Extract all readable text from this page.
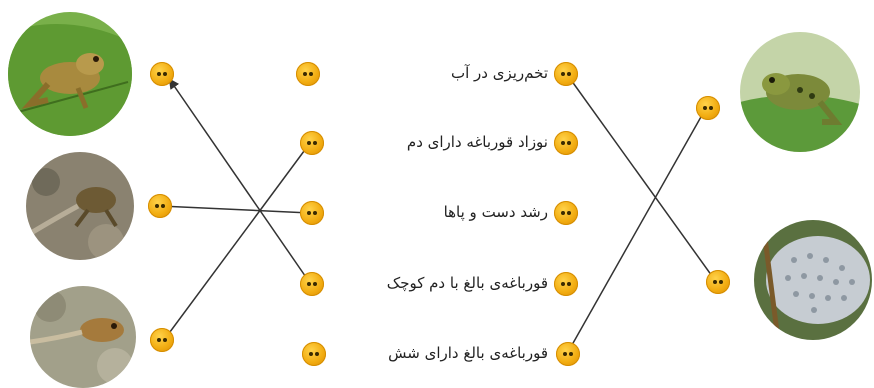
تخم‌ریزی در آب
نوزاد قورباغه دارای دم
رشد دست و پاها
قورباغه‌ی بالغ با دم کوچک
قورباغه‌ی بالغ دارای شش
